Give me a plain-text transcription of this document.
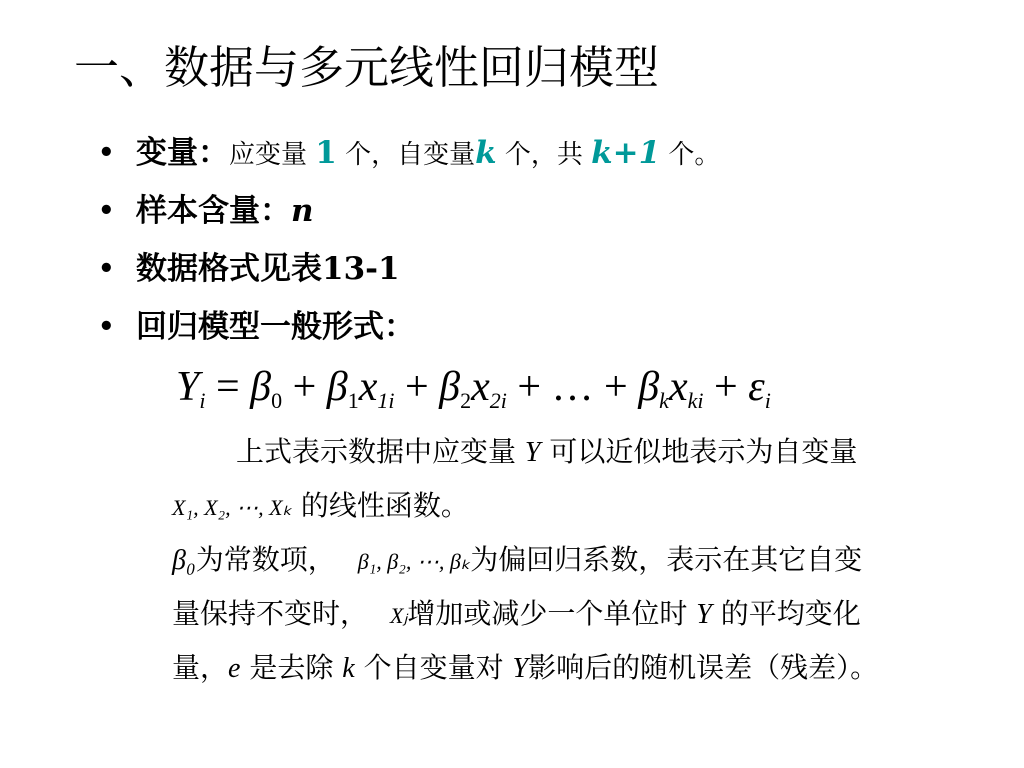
一、数据与多元线性回归模型
• 变量：应变量 1 个，自变量k 个，共 k+1 个。
• 样本含量：n
• 数据格式见表13-1
• 回归模型一般形式：
$Y_i = \beta_0 + \beta_1x_{1i} + \beta_2x_{2i}$ + … + $\beta_kx_{ki} + \varepsilon_i$
上式表示数据中应变量 Y 可以近似地表示为自变量
X₁, X₂, ⋯, Xₖ 的线性函数。
β₀为常数项， β₁, β₂, ⋯, βₖ为偏回归系数，表示在其它自变
量保持不变时， Xⱼ增加或减少一个单位时 Y 的平均变化
量，e 是去除 k 个自变量对 Y影响后的随机误差（残差）。
